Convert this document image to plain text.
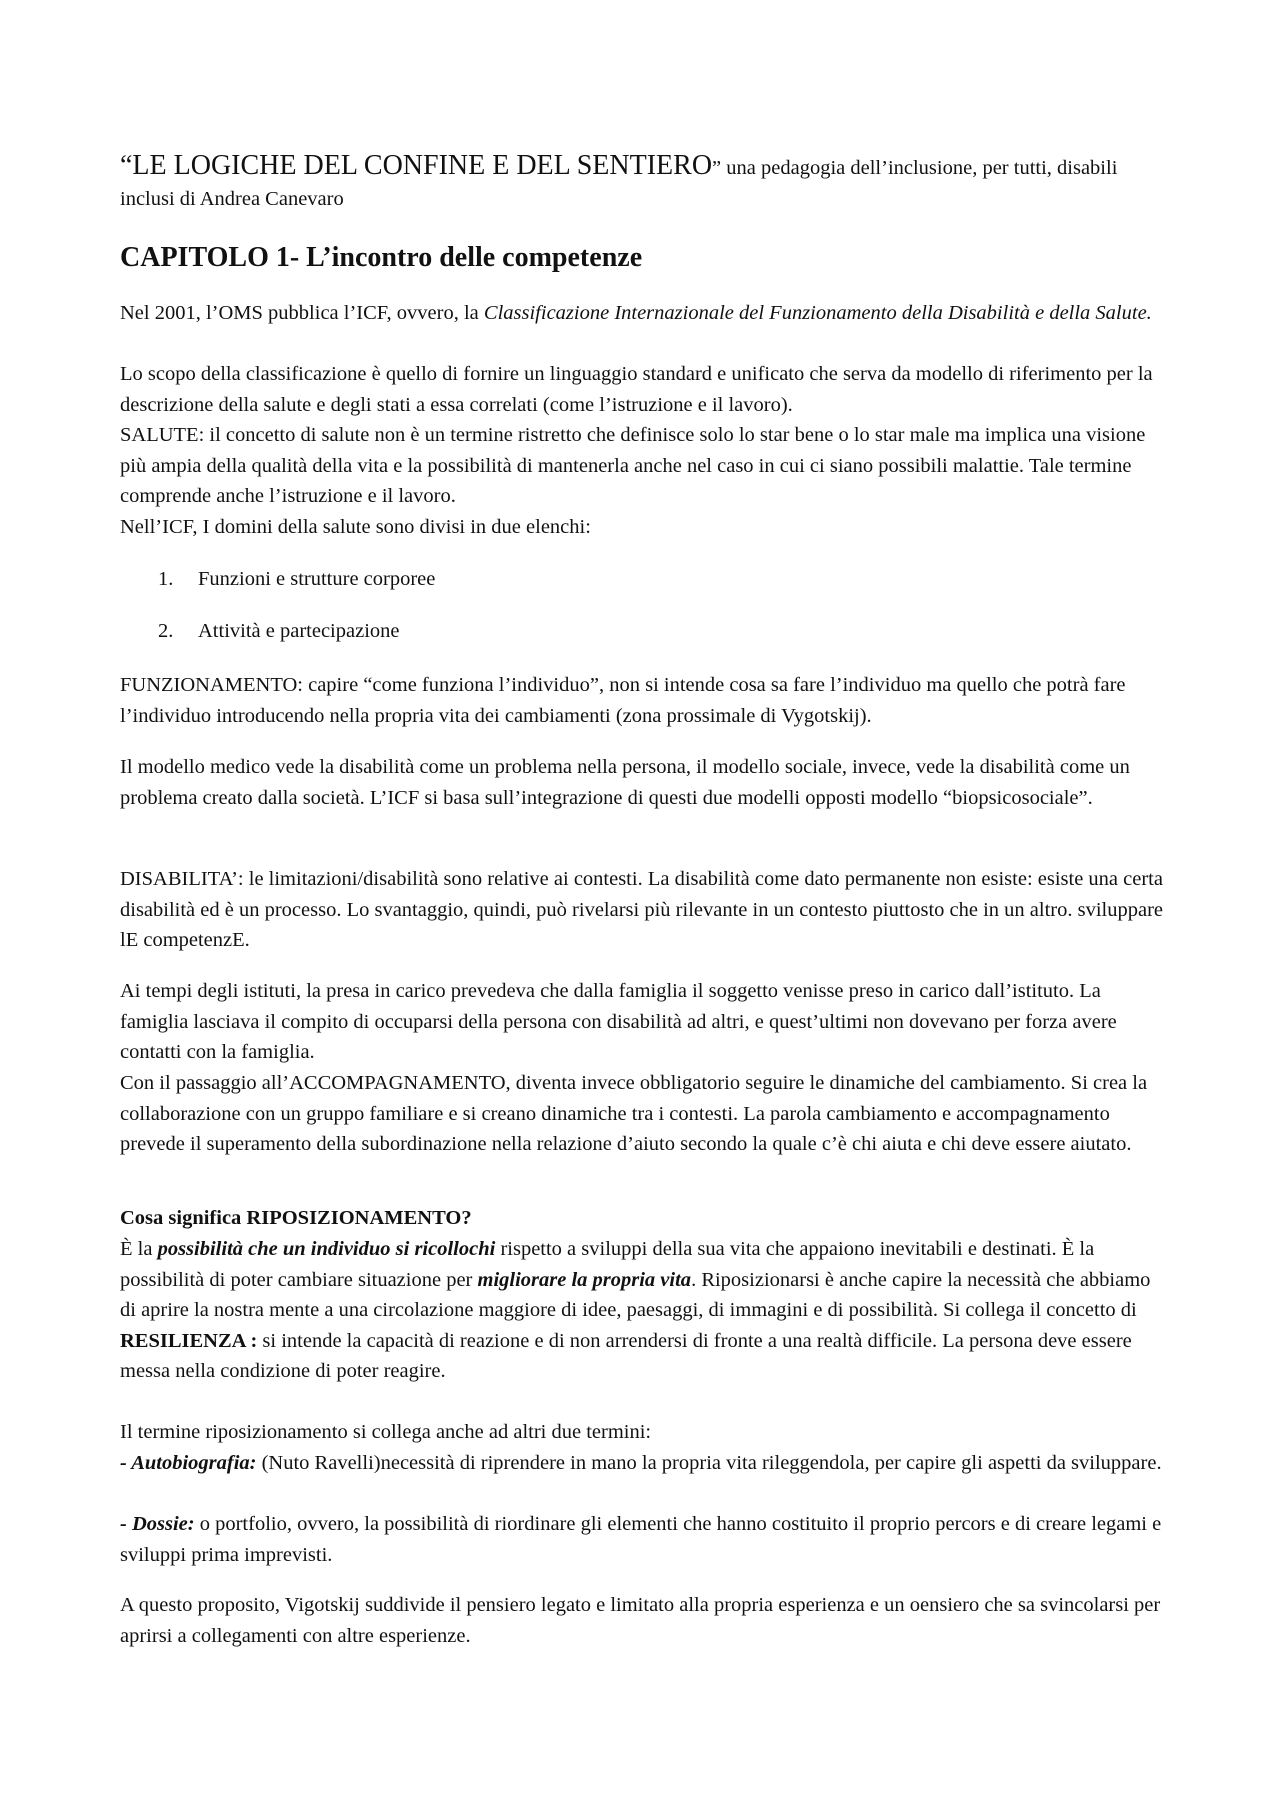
“LE LOGICHE DEL CONFINE E DEL SENTIERO” una pedagogia dell’inclusione, per tutti, disabili inclusi di Andrea Canevaro

CAPITOLO 1- L’incontro delle competenze

Nel 2001, l’OMS pubblica l’ICF, ovvero, la Classificazione Internazionale del Funzionamento della Disabilità e della Salute.

Lo scopo della classificazione è quello di fornire un linguaggio standard e unificato che serva da modello di riferimento per la descrizione della salute e degli stati a essa correlati (come l’istruzione e il lavoro).

SALUTE: il concetto di salute non è un termine ristretto che definisce solo lo star bene o lo star male ma implica una visione più ampia della qualità della vita e la possibilità di mantenerla anche nel caso in cui ci siano possibili malattie. Tale termine comprende anche l’istruzione e il lavoro.

Nell’ICF, I domini della salute sono divisi in due elenchi:

1. Funzioni e strutture corporee

2. Attività e partecipazione

FUNZIONAMENTO: capire “come funziona l’individuo”, non si intende cosa sa fare l’individuo ma quello che potrà fare l’individuo introducendo nella propria vita dei cambiamenti (zona prossimale di Vygotskij).

Il modello medico vede la disabilità come un problema nella persona, il modello sociale, invece, vede la disabilità come un problema creato dalla società. L’ICF si basa sull’integrazione di questi due modelli opposti modello “biopsicosociale”.

DISABILITA’: le limitazioni/disabilità sono relative ai contesti. La disabilità come dato permanente non esiste: esiste una certa disabilità ed è un processo. Lo svantaggio, quindi, può rivelarsi più rilevante in un contesto piuttosto che in un altro. sviluppare lE competenzE.

Ai tempi degli istituti, la presa in carico prevedeva che dalla famiglia il soggetto venisse preso in carico dall’istituto. La famiglia lasciava il compito di occuparsi della persona con disabilità ad altri, e quest’ultimi non dovevano per forza avere contatti con la famiglia.

Con il passaggio all’ACCOMPAGNAMENTO, diventa invece obbligatorio seguire le dinamiche del cambiamento. Si crea la collaborazione con un gruppo familiare e si creano dinamiche tra i contesti. La parola cambiamento e accompagnamento prevede il superamento della subordinazione nella relazione d’aiuto secondo la quale c’è chi aiuta e chi deve essere aiutato.

Cosa significa RIPOSIZIONAMENTO?

È la possibilità che un individuo si ricollochi rispetto a sviluppi della sua vita che appaiono inevitabili e destinati. È la possibilità di poter cambiare situazione per migliorare la propria vita. Riposizionarsi è anche capire la necessità che abbiamo di aprire la nostra mente a una circolazione maggiore di idee, paesaggi, di immagini e di possibilità. Si collega il concetto di RESILIENZA : si intende la capacità di reazione e di non arrendersi di fronte a una realtà difficile. La persona deve essere messa nella condizione di poter reagire.

Il termine riposizionamento si collega anche ad altri due termini:

- Autobiografia: (Nuto Ravelli)necessità di riprendere in mano la propria vita rileggendola, per capire gli aspetti da sviluppare.

- Dossie: o portfolio, ovvero, la possibilità di riordinare gli elementi che hanno costituito il proprio percors e di creare legami e sviluppi prima imprevisti.

A questo proposito, Vigotskij suddivide il pensiero legato e limitato alla propria esperienza e un oensiero che sa svincolarsi per aprirsi a collegamenti con altre esperienze.
